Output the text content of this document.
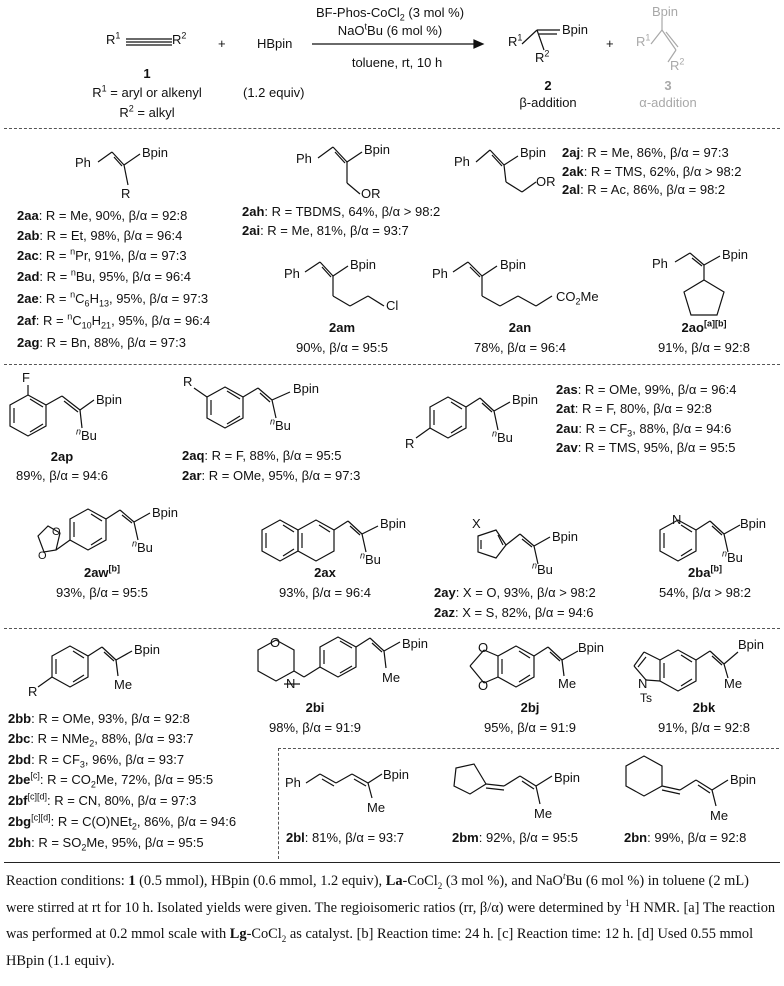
$R^1$	$R^2$
1
$R^1$ = aryl or alkenyl
$R^2$ = alkyl
+ HBpin
(1.2 equiv)
BF-Phos-CoCl$_2$ (3 mol %)
NaO$^t$Bu (6 mol %)
toluene, rt, 10 h
$R^1$
Bpin
$R^2$
2
β-addition
+
Bpin
$R^1$
$R^2$
3
α-addition
Ph
Bpin
R
2aa: R = Me, 90%, β/α = 92:8
2ab: R = Et, 98%, β/α = 96:4
2ac: R = $^n$Pr, 91%, β/α = 97:3
2ad: R = $^n$Bu, 95%, β/α = 96:4
2ae: $R = ^nC_6H_{13}$, 95%, β/α = 97:3
2af: $R = ^nC_{10}H_{21}$, 95%, β/α = 96:4
2ag: R = Bn, 88%, β/α = 97:3
Ph
Bpin
OR
2ah: R = TBDMS, 64%, β/α > 98:2
2ai: R = Me, 81%, β/α = 93:7
Ph
Bpin
OR
2aj: R = Me, 86%, β/α = 97:3
2ak: R = TMS, 62%, β/α > 98:2
2al: R = Ac, 86%, β/α = 98:2
Ph
Bpin
Cl
2am
90%, β/α = 95:5
Ph
Bpin
$CO_2Me$
2an
78%, β/α = 96:4
Ph
Bpin
2ao[a][b]
91%, β/α = 92:8
F
Bpin
$^n$Bu
2ap
89%, β/α = 94:6
R	Bpin
$^n$Bu
2aq: R = F, 88%, β/α = 95:5
2ar: R = OMe, 95%, β/α = 97:3
R
Bpin
$^n$Bu
2as: R = OMe, 99%, β/α = 96:4
2at: R = F, 80%, β/α = 92:8
2au: $R = CF_3$, 88%, β/α = 94:6
2av: R = TMS, 95%, β/α = 95:5
O
O
Bpin
$^n$Bu
2aw[b]
93%, β/α = 95:5
Bpin
$^n$Bu
2ax
93%, β/α = 96:4
X
Bpin
$^n$Bu
2ay: X = O, 93%, β/α > 98:2
2az: X = S, 82%, β/α = 94:6
N	Bpin
$^n$Bu
2ba[b]
54%, β/α > 98:2
R
Bpin
Me
2bb: R = OMe, 93%, β/α = 92:8
2bc: R = NMe$_2$, 88%, β/α = 93:7
2bd: $R = CF_3$, 96%, β/α = 93:7
2be[c]: $R = CO_2Me$, 72%, β/α = 95:5
2bf[c][d]: R = CN, 80%, β/α = 97:3
2bg[c][d]: R = C(O)NEt$_2$, 86%, β/α = 94:6
2bh: $R = SO_2Me$, 95%, β/α = 95:5
O
N
Bpin
Me
2bi
98%, β/α = 91:9
O
O
Bpin
Me
2bj
95%, β/α = 91:9
N
Ts
Bpin
Me
2bk
91%, β/α = 92:8
Ph
Bpin
Me
2bl: 81%, β/α = 93:7
Bpin
Me
2bm: 92%, β/α = 95:5
Bpin
Me
2bn: 99%, β/α = 92:8
Reaction conditions: 1 (0.5 mmol), HBpin (0.6 mmol, 1.2 equiv), La-CoCl$_2$ (3 mol %), and NaO$^t$Bu (6 mol %) in toluene (2 mL) were stirred at rt for 10 h. Isolated yields were given. The regioisomeric ratios (rr, β/α) were determined by $^1$H NMR. [a] The reaction was performed at 0.2 mmol scale with Lg-CoCl$_2$ as catalyst. [b] Reaction time: 24 h. [c] Reaction time: 12 h. [d] Used 0.55 mmol HBpin (1.1 equiv).
